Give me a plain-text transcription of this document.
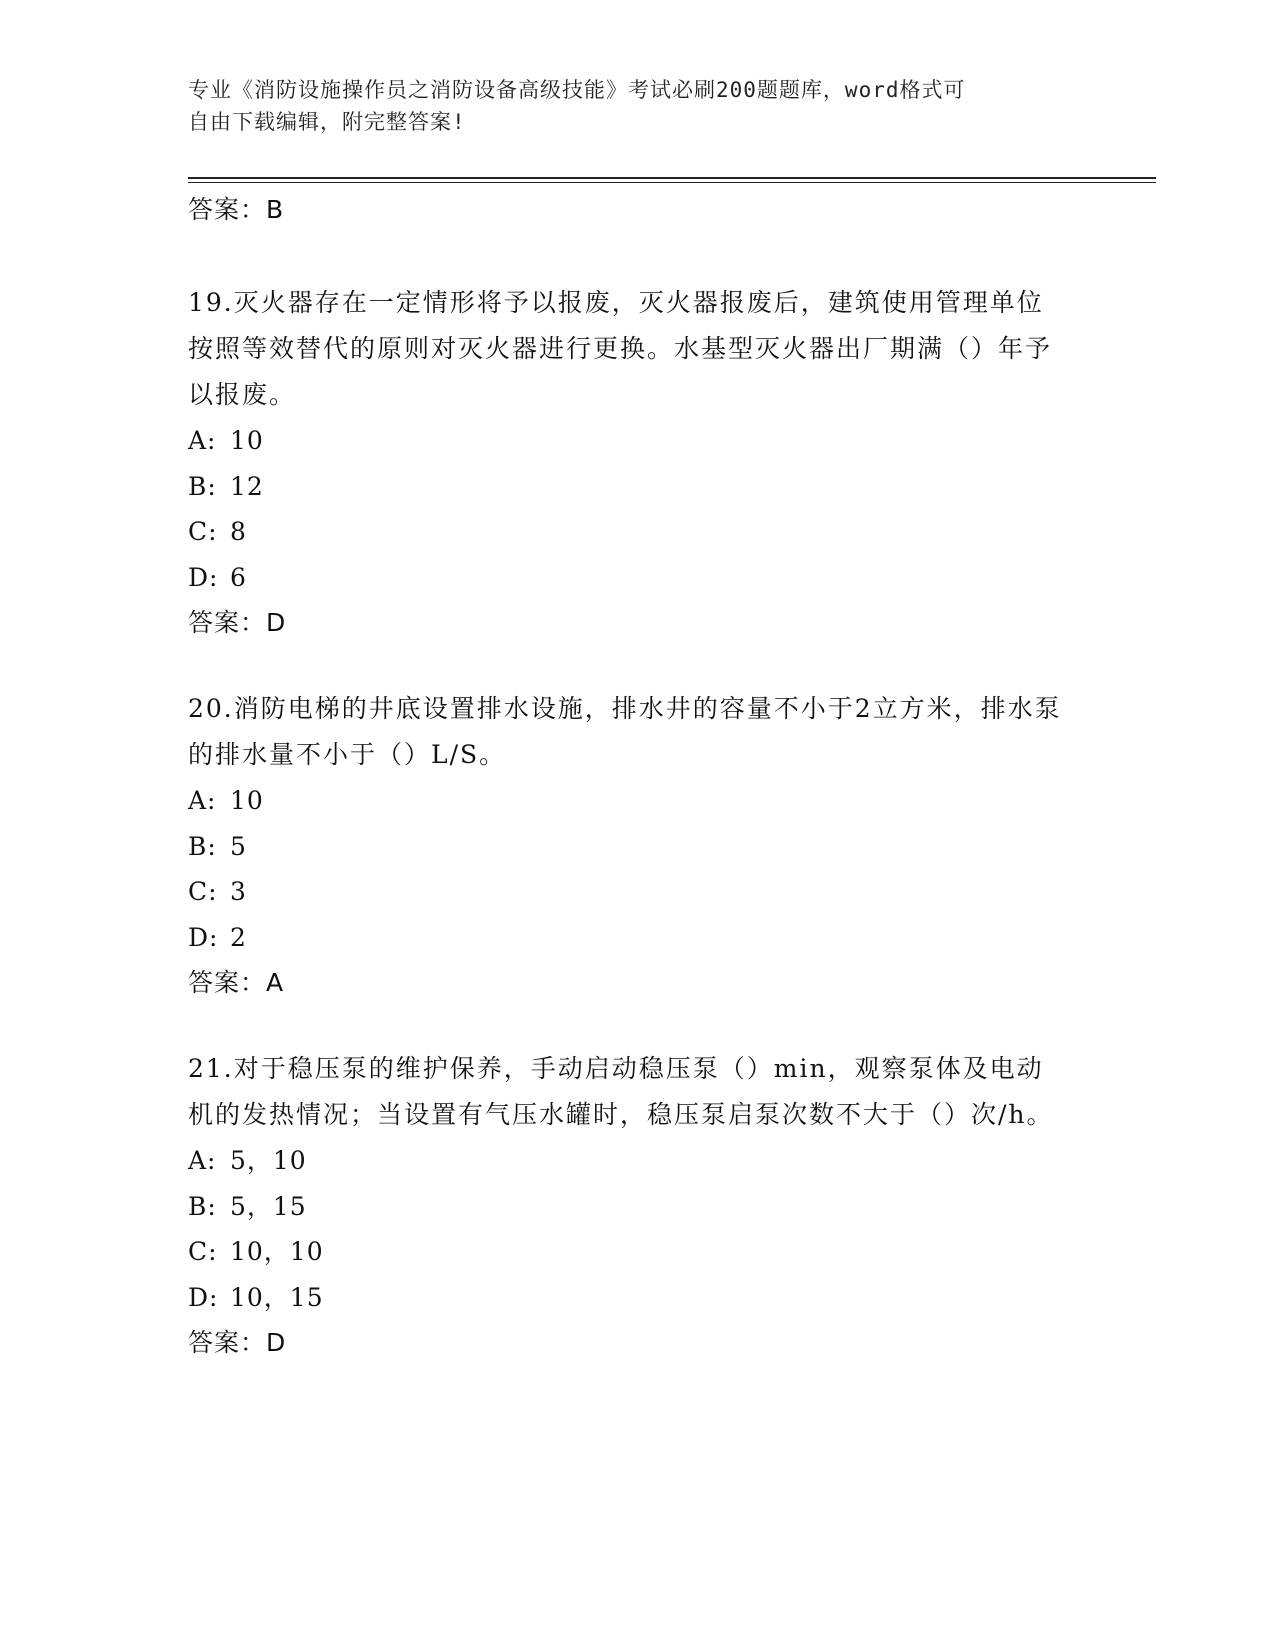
专业《消防设施操作员之消防设备高级技能》考试必刷200题题库，word格式可
自由下载编辑，附完整答案!
答案：B

19.灭火器存在一定情形将予以报废，灭火器报废后，建筑使用管理单位按照等效替代的原则对灭火器进行更换。水基型灭火器出厂期满（）年予以报废。

A: 10
B: 12
C: 8
D: 6
答案：D

20.消防电梯的井底设置排水设施，排水井的容量不小于2立方米，排水泵的排水量不小于（）L/S。

A: 10
B: 5
C: 3
D: 2
答案：A

21.对于稳压泵的维护保养，手动启动稳压泵（）min，观察泵体及电动机的发热情况；当设置有气压水罐时，稳压泵启泵次数不大于（）次/h。

A: 5，10
B: 5，15
C: 10，10
D: 10，15
答案：D
